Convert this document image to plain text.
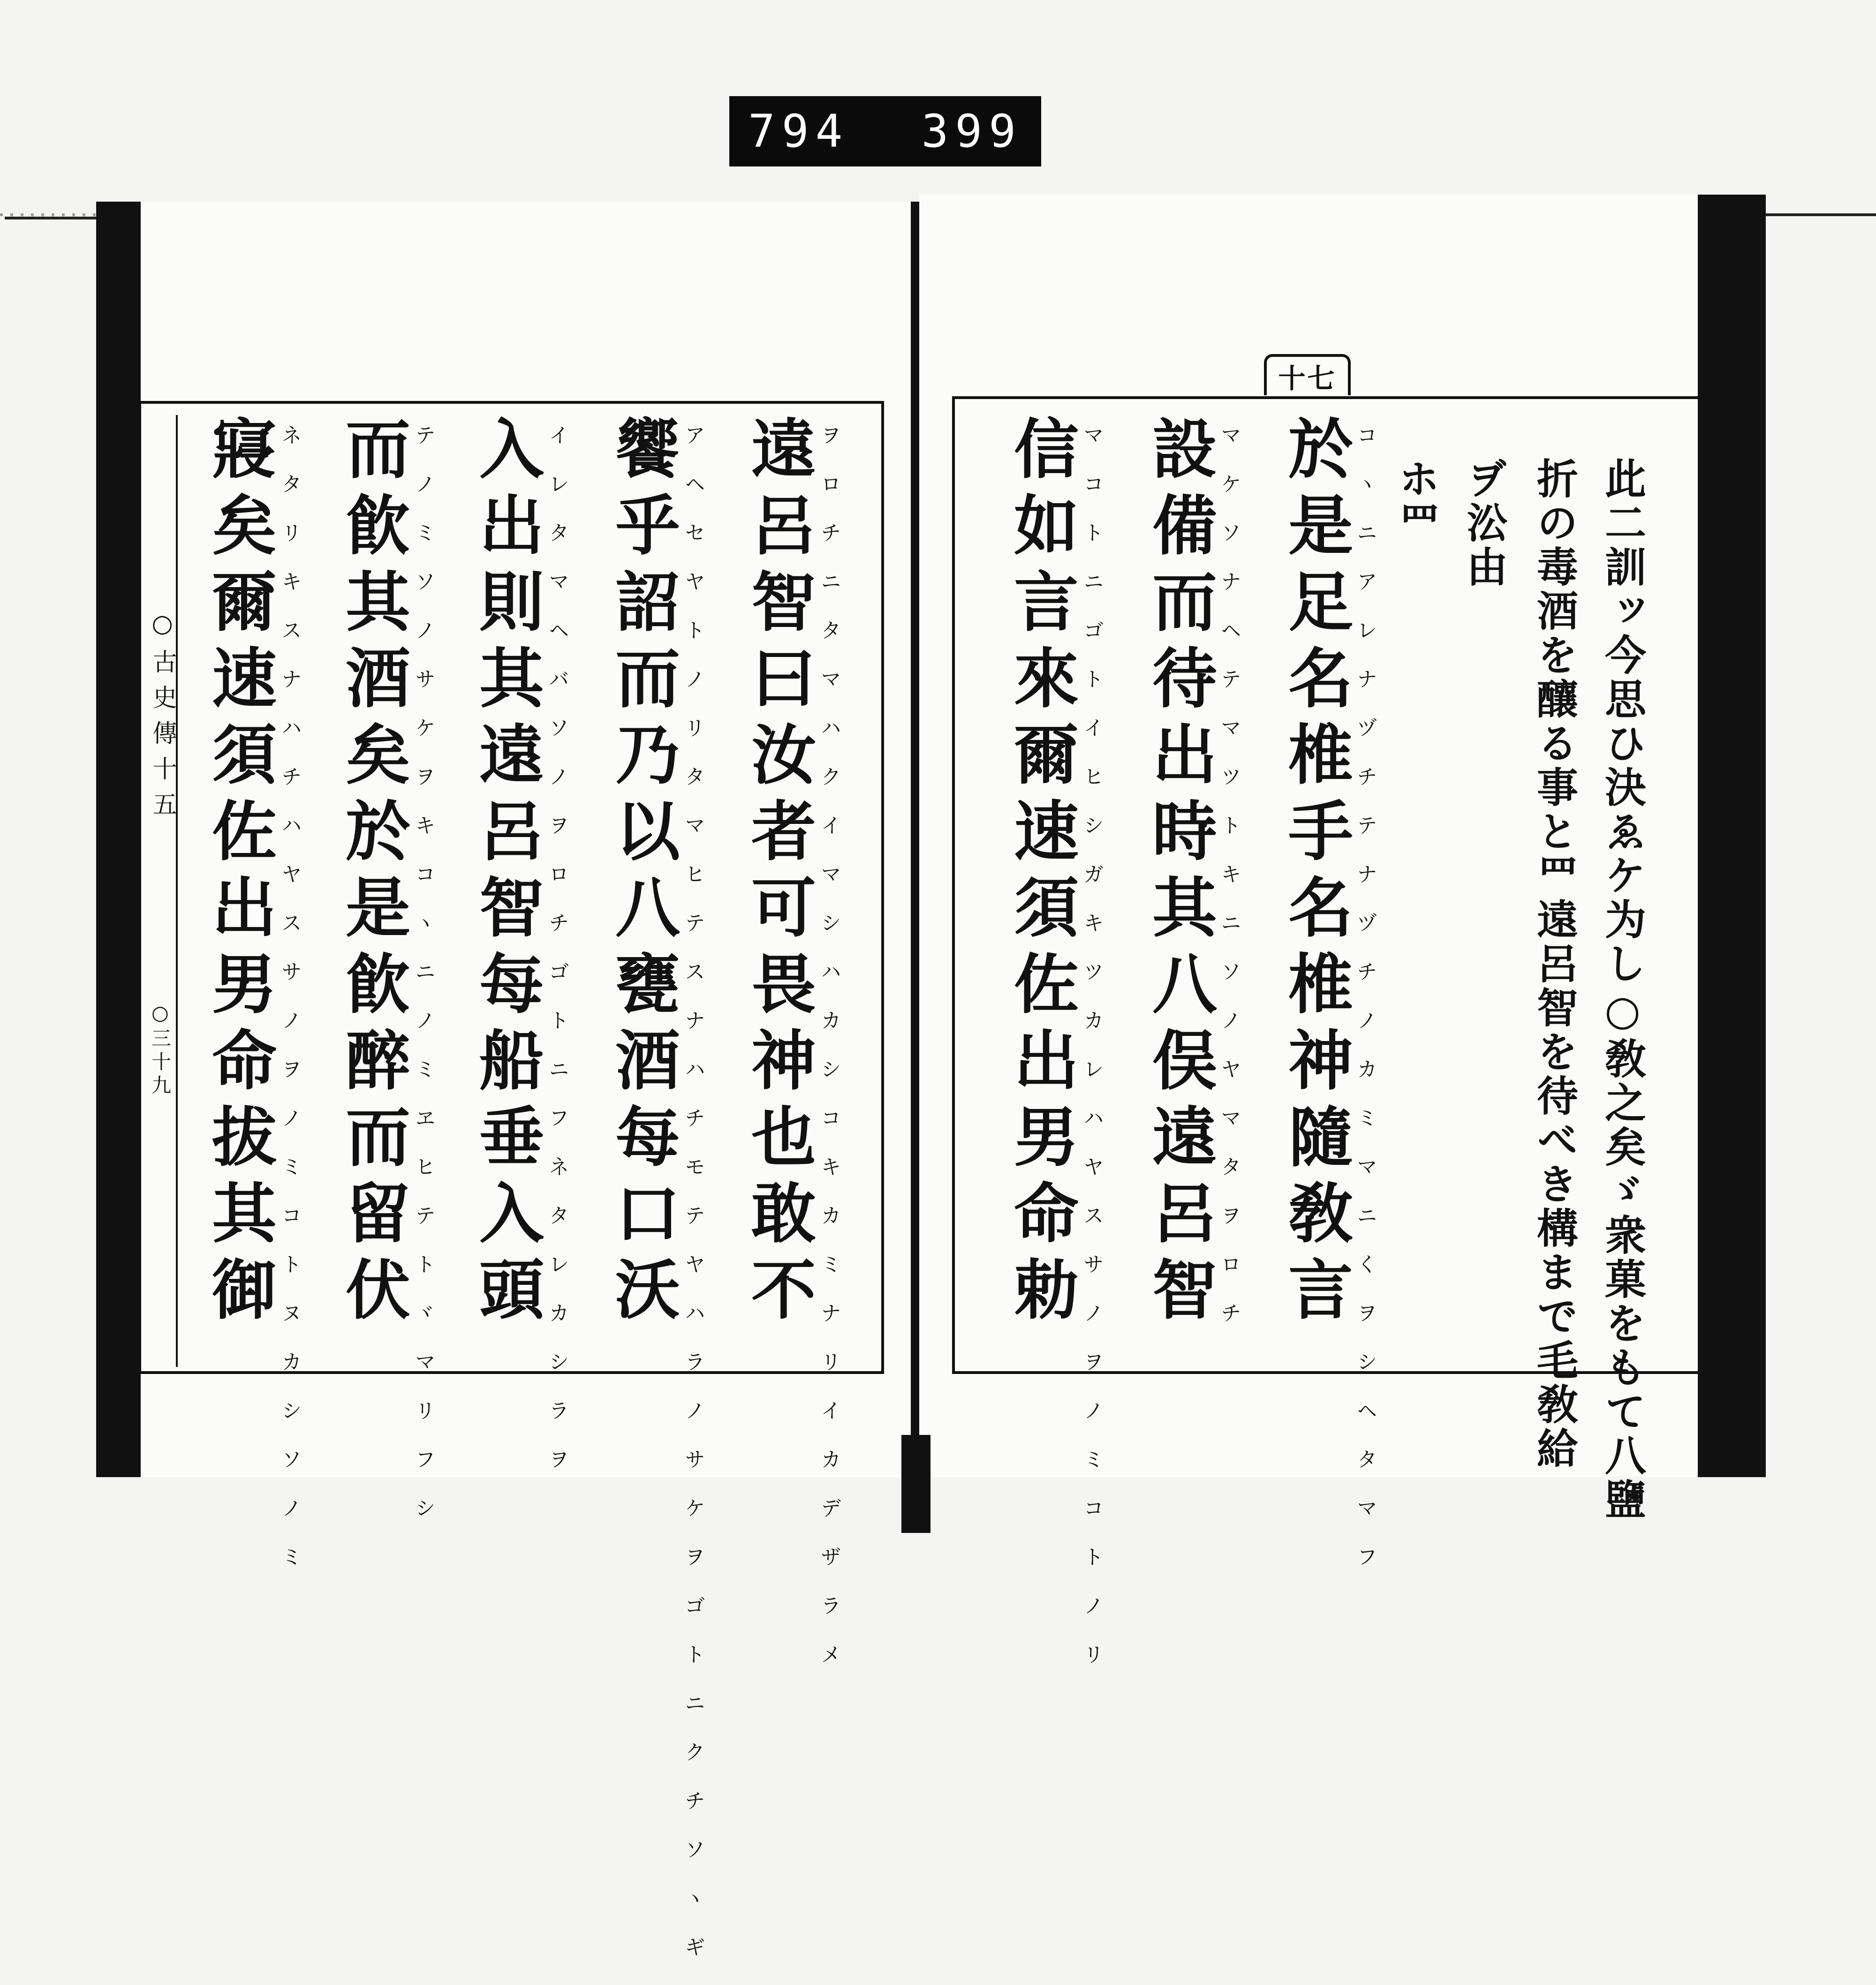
794 399
十七
此二訓ッ今思ひ決ゑケ为し○敎之矣ゞ衆菓をもて八鹽
折の毒酒を釀る事と罒遠呂智を待べき構まで毛敎給
ヺ㳂由
ホ罒
コヽニアレナヅチテナヅチノカミマニくヲシヘタマフ
於是足名椎手名椎神隨敎言
マケソナヘテマツトキニソノヤマタヲロチ
設備而待出時其八俣遠呂智
マコトニゴトイヒシガキツカレハヤスサノヲノミコトノリ
信如言來爾速須佐出男命勅
ヲロチニタマハクイマシハカシコキカミナリイカデザラメ
遠呂智曰汝者可畏神也敢不
アヘセヤトノリタマヒテスナハチモテヤハラノサケヲゴトニクチソヽギ
饗乎詔而乃以八甕酒每口沃
イレタマヘバソノヲロチゴトニフネタレカシラヲ
入出則其遠呂智每船垂入頭
テノミソノサケヲキコヽニノミヱヒテトヾマリフシ
而飮其酒矣於是飮醉而留伏
ネタリキスナハチハヤスサノヲノミコトヌカシソノミ
寢矣爾速須佐出男命拔其御
○古史傳十五
○三十九
